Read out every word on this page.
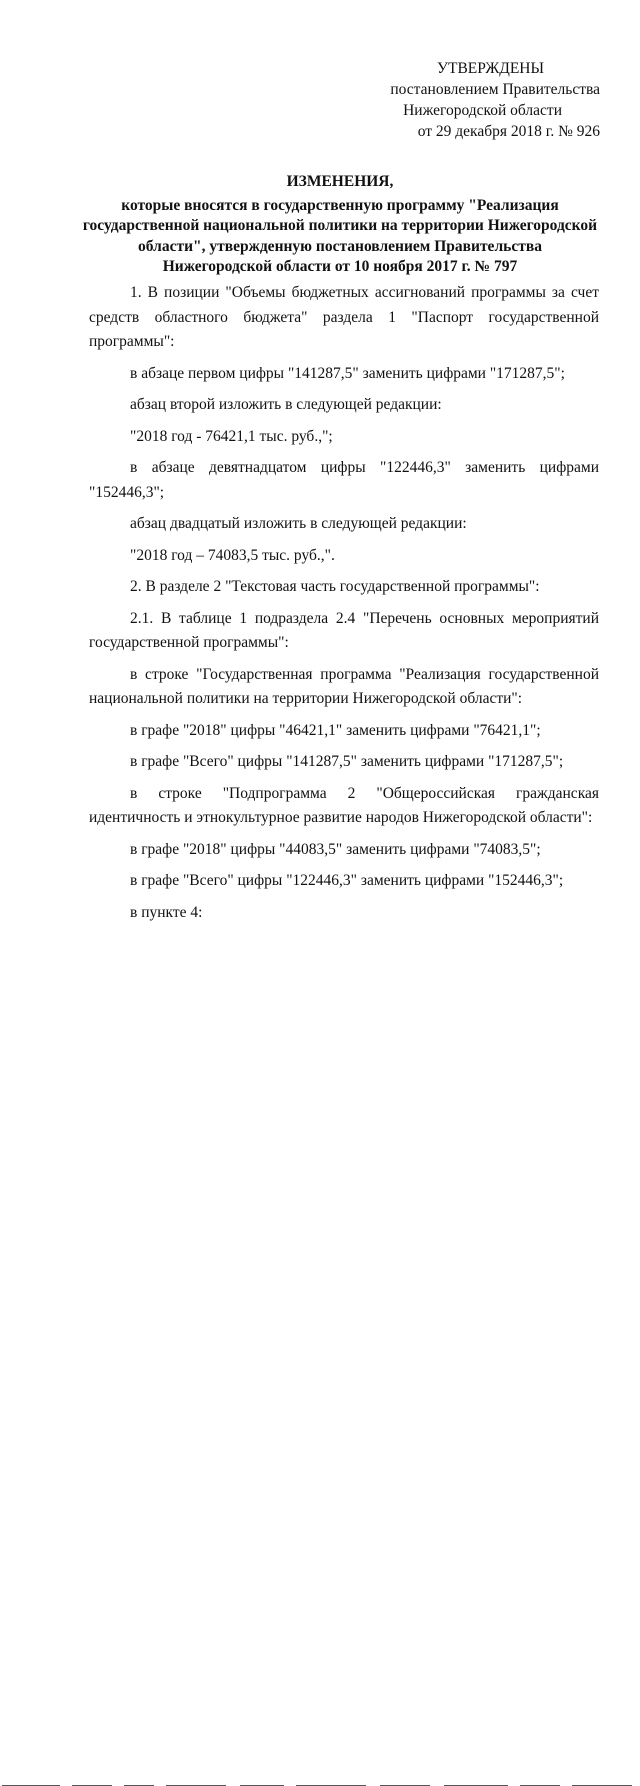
УТВЕРЖДЕНЫ
постановлением Правительства
Нижегородской области
от 29 декабря 2018 г. № 926
ИЗМЕНЕНИЯ,
которые вносятся в государственную программу "Реализация
государственной национальной политики на территории Нижегородской
области", утвержденную постановлением Правительства
Нижегородской области от 10 ноября 2017 г. № 797

1. В позиции "Объемы бюджетных ассигнований программы за счет средств областного бюджета" раздела 1 "Паспорт государственной программы":

в абзаце первом цифры "141287,5" заменить цифрами "171287,5";

абзац второй изложить в следующей редакции:

"2018 год - 76421,1 тыс. руб.,";

в абзаце девятнадцатом цифры "122446,3" заменить цифрами "152446,3";

абзац двадцатый изложить в следующей редакции:

"2018 год – 74083,5 тыс. руб.,".

2. В разделе 2 "Текстовая часть государственной программы":

2.1. В таблице 1 подраздела 2.4 "Перечень основных мероприятий государственной программы":

в строке "Государственная программа "Реализация государственной национальной политики на территории Нижегородской области":

в графе "2018" цифры "46421,1" заменить цифрами "76421,1";

в графе "Всего" цифры "141287,5" заменить цифрами "171287,5";

в строке "Подпрограмма 2 "Общероссийская гражданская идентичность и этнокультурное развитие народов Нижегородской области":

в графе "2018" цифры "44083,5" заменить цифрами "74083,5";

в графе "Всего" цифры "122446,3" заменить цифрами "152446,3";

в пункте 4:
